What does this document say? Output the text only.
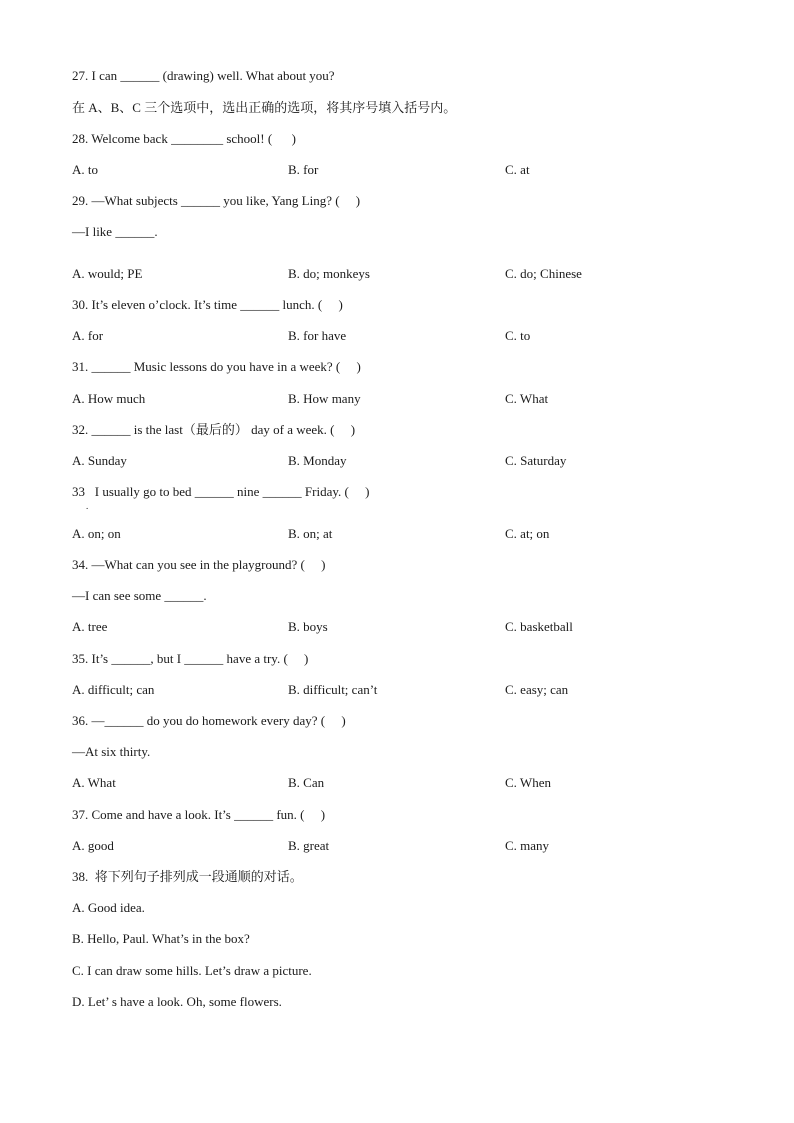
27. I can ______ (drawing) well. What about you?
在 A、B、C 三个选项中，选出正确的选项，将其序号填入括号内。
28. Welcome back ________ school! (      )
A. to	B. for	C. at
29. —What subjects ______ you like, Yang Ling? (     )
—I like ______.
A. would; PE	B. do; monkeys	C. do; Chinese
30. It’s eleven o’clock. It’s time ______ lunch. (     )
A. for	B. for have	C. to
31. ______ Music lessons do you have in a week? (     )
A. How much	B. How many	C. What
32. ______ is the last（最后的） day of a week. (     )
A. Sunday	B. Monday	C. Saturday
33   I usually go to bed ______ nine ______ Friday. (     )
.
A. on; on	B. on; at	C. at; on
34. —What can you see in the playground? (     )
—I can see some ______.
A. tree	B. boys	C. basketball
35. It’s ______, but I ______ have a try. (     )
A. difficult; can	B. difficult; can’t	C. easy; can
36. —______ do you do homework every day? (     )
—At six thirty.
A. What	B. Can	C. When
37. Come and have a look. It’s ______ fun. (     )
A. good	B. great	C. many
38.  将下列句子排列成一段通顺的对话。
A. Good idea.
B. Hello, Paul. What’s in the box?
C. I can draw some hills. Let’s draw a picture.
D. Let’ s have a look. Oh, some flowers.
